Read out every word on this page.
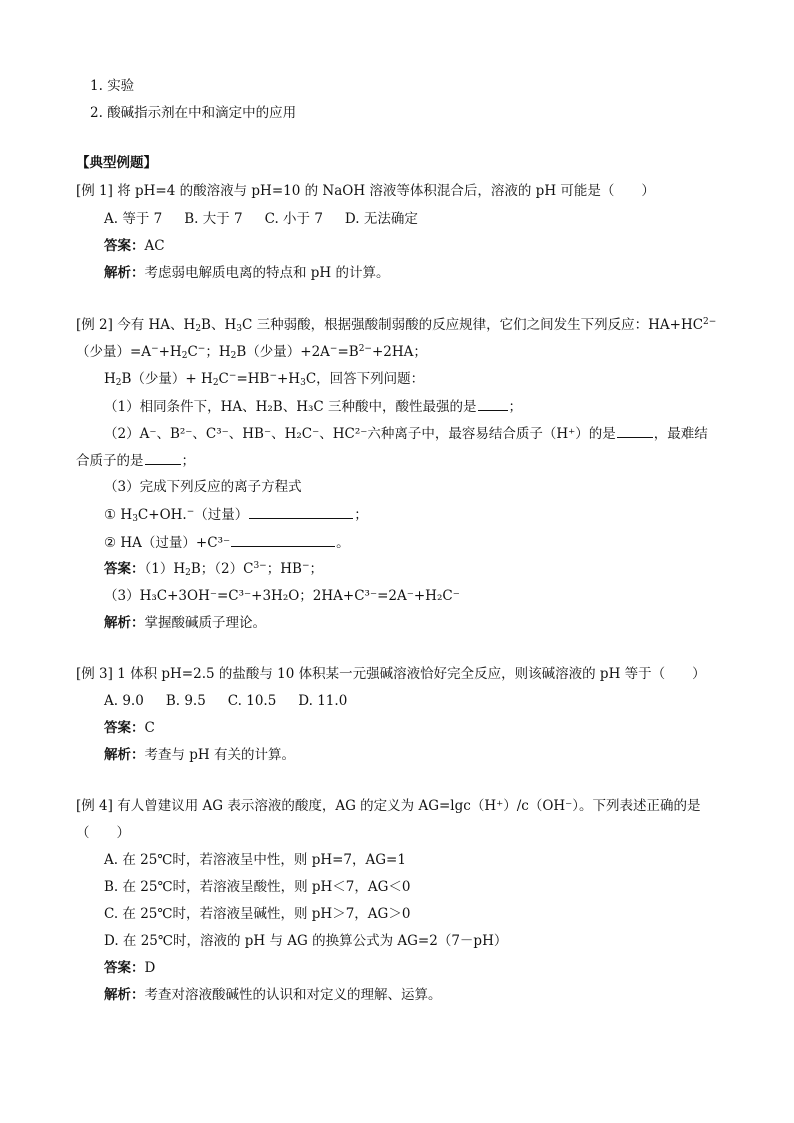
1. 实验
2. 酸碱指示剂在中和滴定中的应用
【典型例题】
[例 1] 将 pH=4 的酸溶液与 pH=10 的 NaOH 溶液等体积混合后，溶液的 pH 可能是（　　）
A. 等于 7 B. 大于 7 C. 小于 7 D. 无法确定
答案：AC
解析：考虑弱电解质电离的特点和 pH 的计算。
[例 2] 今有 HA、$H_2B$、$H_3C$ 三种弱酸，根据强酸制弱酸的反应规律，它们之间发生下列反应：$HA+HC^{2-}$
（少量）$=A^-+H_2C^-$；$H_2B$（少量）$+2A^-=B^{2-}+2HA$；
$H_2B$（少量）+ $H_2C^-=HB^-+H_3C$，回答下列问题：
（1）相同条件下，HA、H₂B、H₃C 三种酸中，酸性最强的是 ；
（2）A⁻、B²⁻、C³⁻、HB⁻、H₂C⁻、HC²⁻六种离子中，最容易结合质子（H⁺）的是	，最难结
合质子的是	；
（3）完成下列反应的离子方程式
① $H_3C+OH.^-$（过量）	；
② HA（过量）+C³⁻	。
答案：$(1)H_2B$；$(2)C^{3-}$；HB−；
（3）H₃C+3OH⁻=C³⁻+3H₂O；2HA+C³⁻=2A⁻+H₂C⁻
解析：掌握酸碱质子理论。
[例 3] 1 体积 pH=2.5 的盐酸与 10 体积某一元强碱溶液恰好完全反应，则该碱溶液的 pH 等于（　　）
A. 9.0 B. 9.5 C. 10.5 D. 11.0
答案：C
解析：考查与 pH 有关的计算。
[例 4] 有人曾建议用 AG 表示溶液的酸度，AG 的定义为 AG=lgc（H⁺）/c（OH⁻）。下列表述正确的是
（　　）
A. 在 25℃时，若溶液呈中性，则 pH=7，AG=1
B. 在 25℃时，若溶液呈酸性，则 pH＜7，AG＜0
C. 在 25℃时，若溶液呈碱性，则 pH＞7，AG＞0
D. 在 25℃时，溶液的 pH 与 AG 的换算公式为 AG=2（7－pH）
答案：D
解析：考查对溶液酸碱性的认识和对定义的理解、运算。
